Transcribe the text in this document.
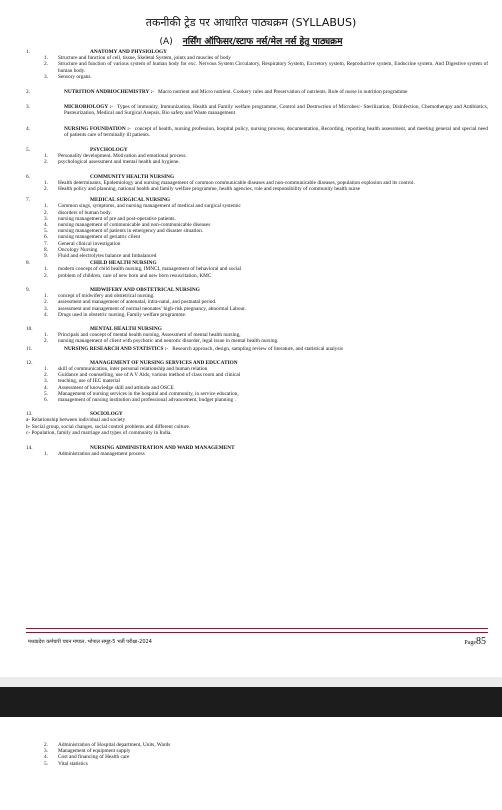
तकनीकी ट्रेड पर आधारित पाठ्यक्रम (SYLLABUS)
(A) नर्सिंग ऑफिसर/स्टाफ नर्स/मेल नर्स हेतु पाठ्यक्रम
1.	ANATOMY AND PHYSIOLOGY
1.	Structure and function of cell, tissue, Skeletal System, joints and muscles of body
2.	Structure and function of various system of human body for exc. Nervous System Circulatory, Respiratory System, Excretory system, Reproductive system, Endocrine system. And Digestive system of human body.
3.	Sensory organs.
2.	NUTRITION ANDBIOCHEMISTRY :- Macro nutrient and Micro nutrient. Cookery rules and Preservation of nutrients. Role of nurse in nutrition programme
3.	MICROBIOLOGY :- Types of immunity, Immunization, Health and Family welfare programme, Control and Destruction of Microbes:- Sterilization, Disinfection, Chemotherapy and Antibiotics, Pasteurization, Medical and Surgical Asepsis, Bio safety and Waste management
4.	NURSING FOUNDATION :- concept of health, nursing profession, hospital policy, nursing process, documentation, Recording, reporting health assessment, and meeting general and special need of patients care of terminally ill patients.
5.	PSYCHOLOGY
1.	Personality development. Motivation and emotional process.
2.	psychological assessment and mental health and hygiene.
6.	COMMUNITY HEALTH NURSING
1.	Health determinants, Epidemiology and nursing management of common communicable diseases and non-communicable diseases, population explosion and its control.
2.	Health policy and planning, national health and family welfare programme, health agencies, role and responsibility of community health nurse
7.	MEDICAL SURGICAL NURSING
1.	Common sings, symptoms, and nursing management of medical and surgical systemic
2.	disorders of human body.
3.	nursing management of pre and post-operative patients.
4.	nursing management of communicable and non-communicable diseases
5.	nursing management of patients in emergency and disaster situation.
6.	nursing management of geriatric client
7.	General clinical investigation
8.	Oncology Nursing
9.	Fluid and electrolytes balance and Imbalanced
8.	CHILD HEALTH NURSING
1.	modern concept of child health nursing, IMNCI, management of behavioral and social
2.	problem of children, care of new born and new born resuscitation, KMC
9.	MIDWIFERY AND OBSTETRICAL NURSING
1.	concept of midwifery and obstetrical nursing.
2.	assessment and management of antenatal, intra-natal, and postnatal period.
3.	assessment and management of normal neonates’ high-risk pregnancy, abnormal Labour.
4.	Drugs used in obstetric nursing, Family welfare programme.
10.	MENTAL HEALTH NURSING
1.	Principals and concept of mental health nursing, Assessment of mental health nursing,
2.	nursing management of client with psychotic and neurotic disorder, legal issue in mental health nursing.
11.	NURSING RESEARCH AND STATISTICS :- Research approach, design, sampling review of literature, and statistical analysis
12.	MANAGEMENT OF NURSING SERVICES AND EDUCATION
1.	skill of communication, inter personal relationship and human relation
2.	Guidance and counselling, use of A V Aids, various method of class room and clinical
3.	teaching, use of IEC material
4.	Assessment of knowledge skill and attitude and OSCE
5.	Management of nursing services in the hospital and community, in service education,
6.	management of nursing institution and professional advancement, budget planning .
13.	SOCIOLOGY
a- Relationship between individual and society
b- Social group, social changes, social control problems and different culture.
c- Population, family and marriage and types of community in India.
14.	NURSING ADMINISTRATION AND WARD MANAGEMENT
1.	Administration and management process
मध्यप्रदेश कर्मचारी चयन मण्डल, भोपाल समूह-5 भर्ती परीक्षा-2024	Page85
2.	Administration of Hospital department, Units, Wards
3.	Management of equipment supply
4.	Cost and financing of Health care
5.	Vital statistics
